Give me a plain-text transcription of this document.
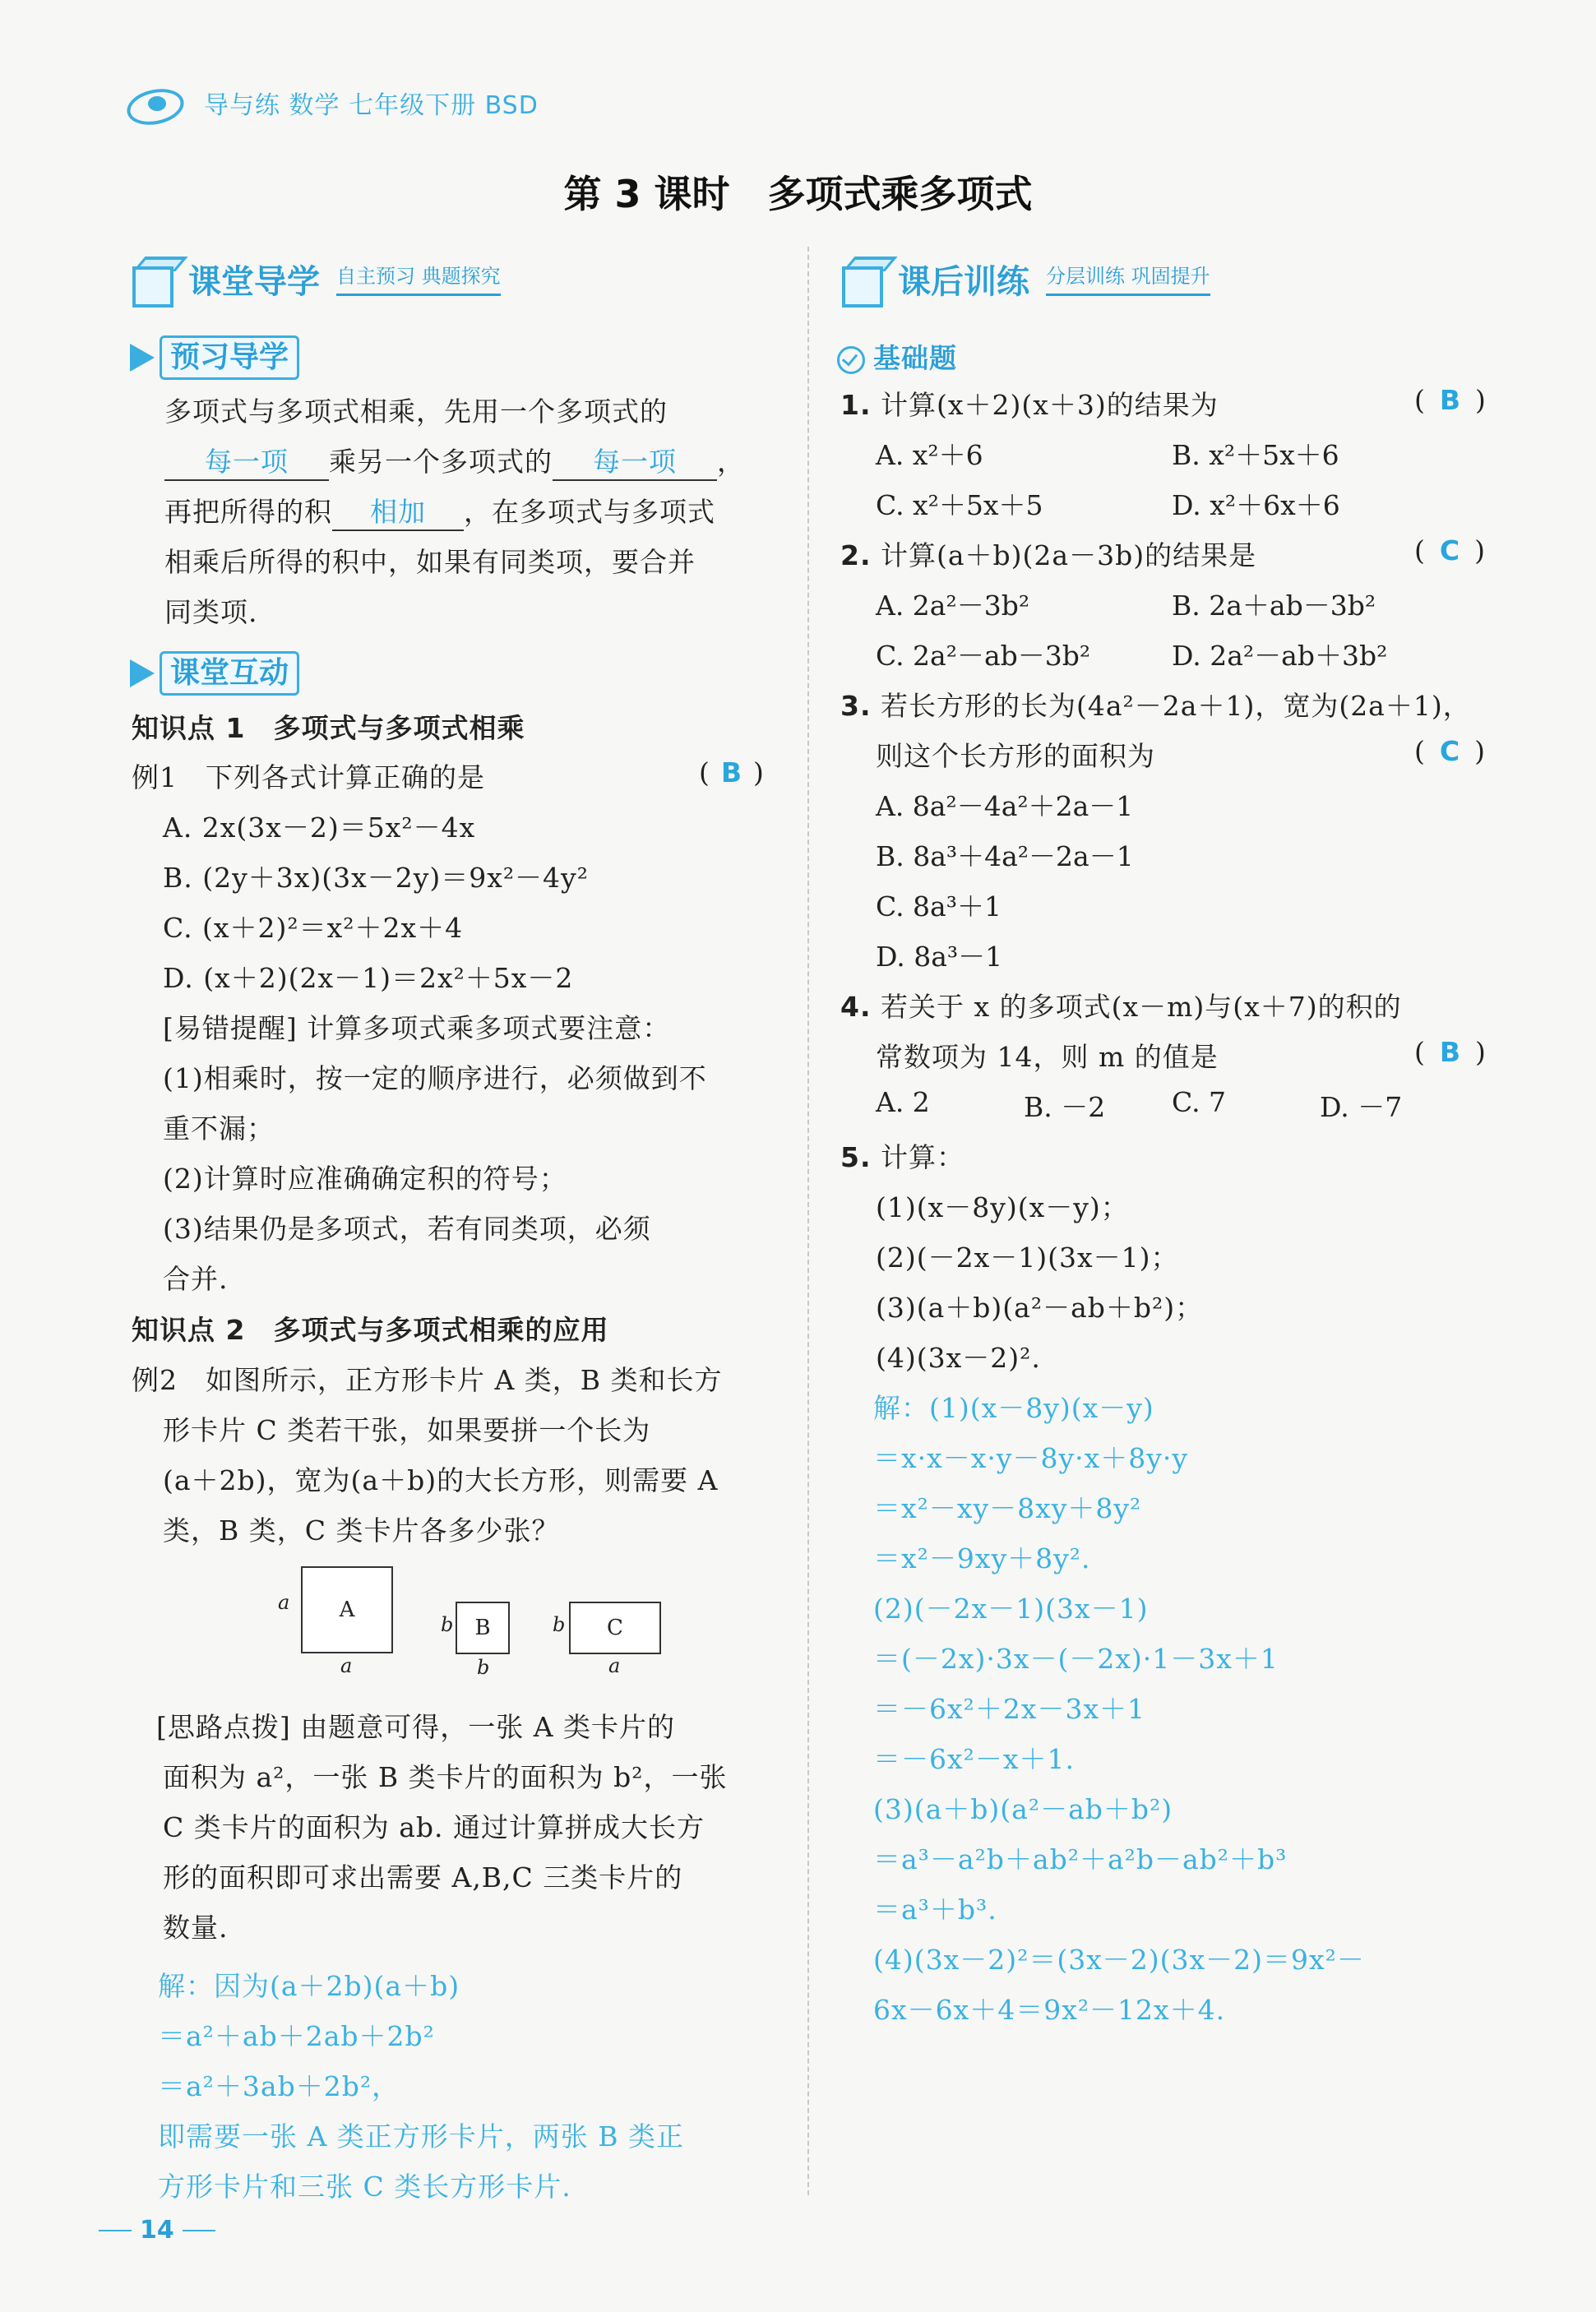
导与练 数学 七年级下册 BSD
第 3 课时　多项式乘多项式
课堂导学 自主预习 典题探究
预习导学
多项式与多项式相乘，先用一个多项式的
每一项 乘另一个多项式的 每一项 ，
再把所得的积 相加 ，在多项式与多项式
相乘后所得的积中，如果有同类项，要合并
同类项.
课堂互动
知识点 1　多项式与多项式相乘
例1　下列各式计算正确的是	( B )
A. 2x(3x－2)＝5x²－4x
B. (2y＋3x)(3x－2y)＝9x²－4y²
C. (x＋2)²＝x²＋2x＋4
D. (x＋2)(2x－1)＝2x²＋5x－2
[易错提醒] 计算多项式乘多项式要注意：
(1)相乘时，按一定的顺序进行，必须做到不
重不漏；
(2)计算时应准确确定积的符号；
(3)结果仍是多项式，若有同类项，必须
合并.
知识点 2　多项式与多项式相乘的应用
例2　如图所示，正方形卡片 A 类，B 类和长方
形卡片 C 类若干张，如果要拼一个长为
(a＋2b)，宽为(a＋b)的大长方形，则需要 A
类，B 类，C 类卡片各多少张？
a	A
a
b	B
b
b	C
a
[思路点拨] 由题意可得，一张 A 类卡片的
面积为 a²，一张 B 类卡片的面积为 b²，一张
C 类卡片的面积为 ab. 通过计算拼成大长方
形的面积即可求出需要 A,B,C 三类卡片的
数量.
解：因为(a＋2b)(a＋b)
＝a²＋ab＋2ab＋2b²
＝a²＋3ab＋2b²，
即需要一张 A 类正方形卡片，两张 B 类正
方形卡片和三张 C 类长方形卡片.
课后训练 分层训练 巩固提升
基础题
1. 计算(x＋2)(x＋3)的结果为	( B )
A. x²＋6	B. x²＋5x＋6
C. x²＋5x＋5	D. x²＋6x＋6
2. 计算(a＋b)(2a－3b)的结果是	( C )
A. 2a²－3b²	B. 2a＋ab－3b²
C. 2a²－ab－3b²	D. 2a²－ab＋3b²
3. 若长方形的长为(4a²－2a＋1)，宽为(2a＋1)，
则这个长方形的面积为	( C )
A. 8a²－4a²＋2a－1
B. 8a³＋4a²－2a－1
C. 8a³＋1
D. 8a³－1
4. 若关于 x 的多项式(x－m)与(x＋7)的积的
常数项为 14，则 m 的值是	( B )
A. 2	B. －2 C. 7	D. －7
5. 计算：
(1)(x－8y)(x－y)；
(2)(－2x－1)(3x－1)；
(3)(a＋b)(a²－ab＋b²)；
(4)(3x－2)².
解：(1)(x－8y)(x－y)
＝x·x－x·y－8y·x＋8y·y
＝x²－xy－8xy＋8y²
＝x²－9xy＋8y².
(2)(－2x－1)(3x－1)
＝(－2x)·3x－(－2x)·1－3x＋1
＝－6x²＋2x－3x＋1
＝－6x²－x＋1.
(3)(a＋b)(a²－ab＋b²)
＝a³－a²b＋ab²＋a²b－ab²＋b³
＝a³＋b³.
(4)(3x－2)²＝(3x－2)(3x－2)＝9x²－
6x－6x＋4＝9x²－12x＋4.
14
